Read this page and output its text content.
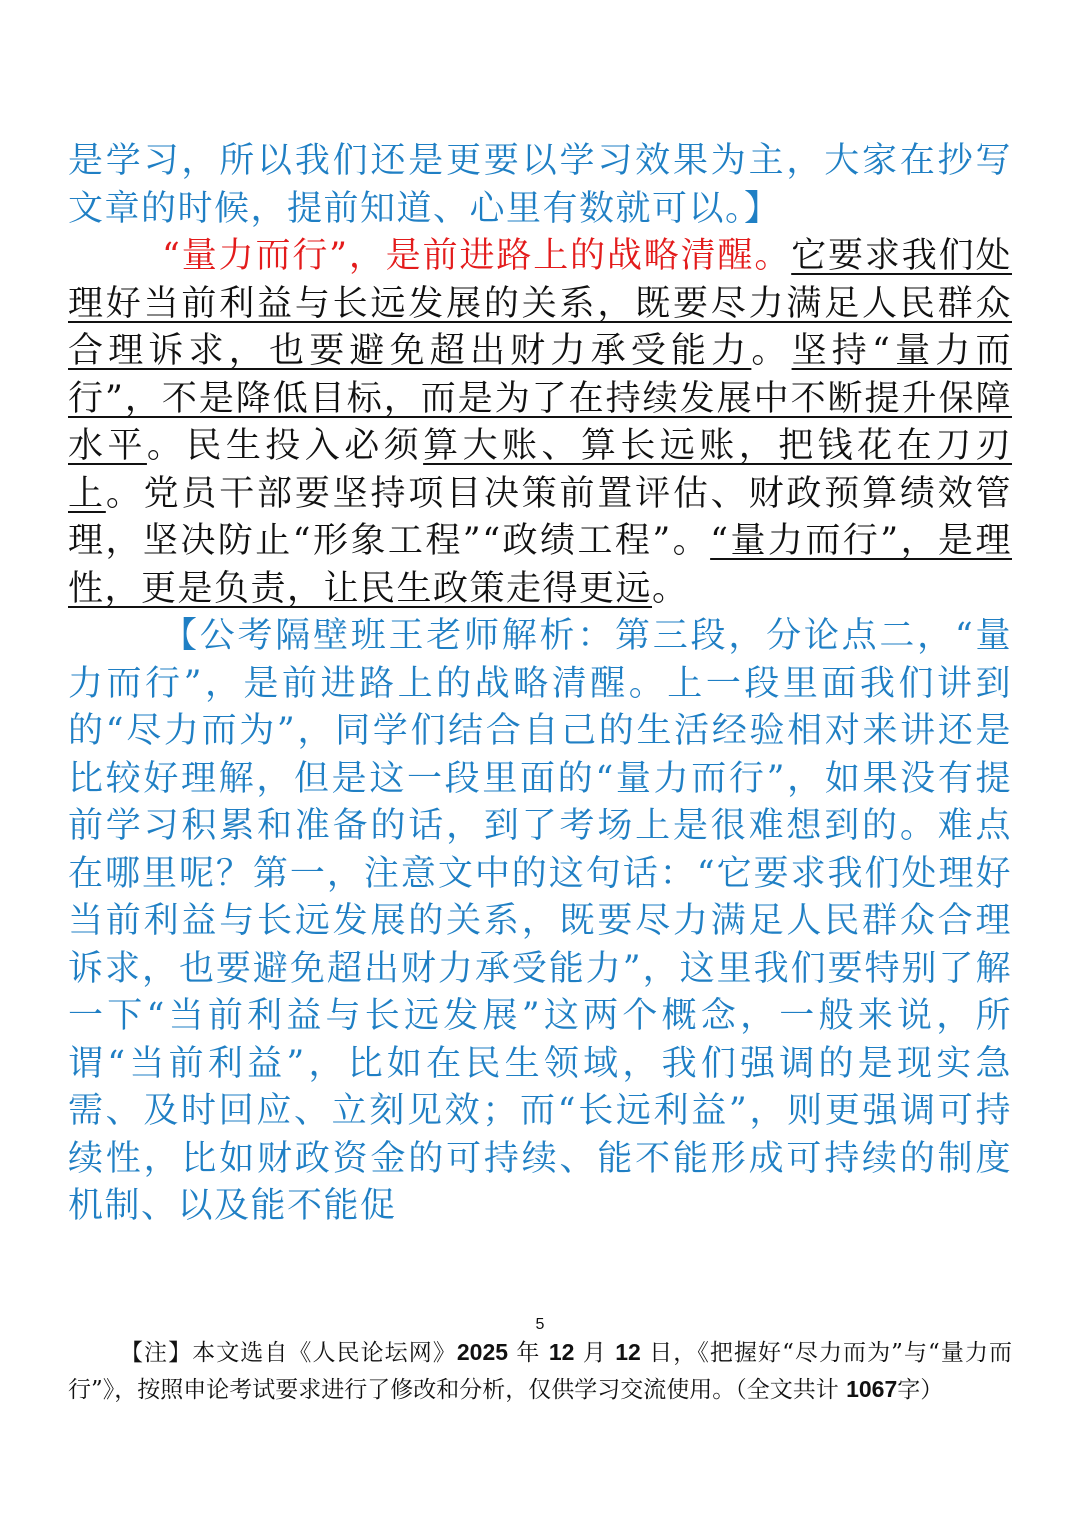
是学习，所以我们还是更要以学习效果为主，大家在抄写文章的时候，提前知道、心里有数就可以。】

“量力而行”，是前进路上的战略清醒。它要求我们处理好当前利益与长远发展的关系，既要尽力满足人民群众合理诉求，也要避免超出财力承受能力。坚持“量力而行”，不是降低目标，而是为了在持续发展中不断提升保障水平。民生投入必须算大账、算长远账，把钱花在刀刃上。党员干部要坚持项目决策前置评估、财政预算绩效管理，坚决防止“形象工程”“政绩工程”。“量力而行”，是理性，更是负责，让民生政策走得更远。

【公考隔壁班王老师解析：第三段，分论点二，“量力而行”，是前进路上的战略清醒。上一段里面我们讲到的“尽力而为”，同学们结合自己的生活经验相对来讲还是比较好理解，但是这一段里面的“量力而行”，如果没有提前学习积累和准备的话，到了考场上是很难想到的。难点在哪里呢？第一，注意文中的这句话：“它要求我们处理好当前利益与长远发展的关系，既要尽力满足人民群众合理诉求，也要避免超出财力承受能力”，这里我们要特别了解一下“当前利益与长远发展”这两个概念，一般来说，所谓“当前利益”，比如在民生领域，我们强调的是现实急需、及时回应、立刻见效；而“长远利益”，则更强调可持续性，比如财政资金的可持续、能不能形成可持续的制度机制、以及能不能促

5
【注】本文选自《人民论坛网》2025 年 12 月 12 日，《把握好“尽力而为”与“量力而行”》，按照申论考试要求进行了修改和分析，仅供学习交流使用。（全文共计 1067字）
